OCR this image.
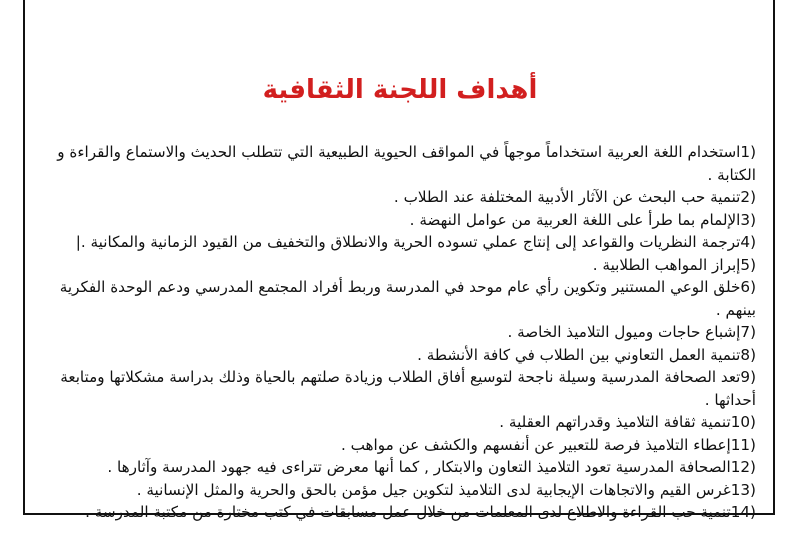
أهداف اللجنة الثقافية
1)استخدام اللغة العربية استخداماً موجهاً في المواقف الحيوية الطبيعية التي تتطلب الحديث والاستماع والقراءة و الكتابة .
2)تنمية حب البحث عن الآثار الأدبية المختلفة عند الطلاب .
3)الإلمام بما طرأ على اللغة العربية من عوامل النهضة .
4)ترجمة النظريات والقواعد إلى إنتاج عملي تسوده الحرية والانطلاق والتخفيف من القيود الزمانية والمكانية .|
5)إبراز المواهب الطلابية .
6)خلق الوعي المستنير وتكوين رأي عام موحد في المدرسة وربط أفراد المجتمع المدرسي ودعم الوحدة الفكرية بينهم .
7)إشباع حاجات وميول التلاميذ الخاصة .
8)تنمية العمل التعاوني بين الطلاب في كافة الأنشطة .
9)تعد الصحافة المدرسية وسيلة ناجحة لتوسيع أفاق الطلاب وزيادة صلتهم بالحياة وذلك بدراسة مشكلاتها ومتابعة أحداثها .
10)تنمية ثقافة التلاميذ وقدراتهم العقلية .
11)إعطاء التلاميذ فرصة للتعبير عن أنفسهم والكشف عن مواهب .
12)الصحافة المدرسية تعود التلاميذ التعاون والابتكار , كما أنها معرض تتراءى فيه جهود المدرسة وآثارها .
13)غرس القيم والاتجاهات الإيجابية لدى التلاميذ لتكوين جيل مؤمن بالحق والحرية والمثل الإنسانية .
14)تنمية حب القراءة والاطلاع لدى المعلمات من خلال عمل مسابقات في كتب مختارة من مكتبة المدرسة .
